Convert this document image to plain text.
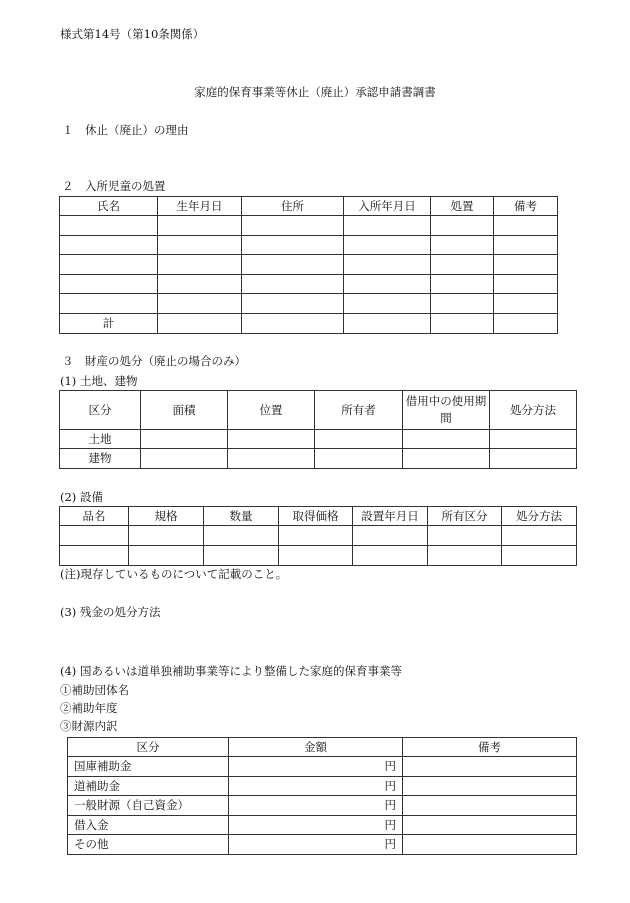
様式第14号（第10条関係）
家庭的保育事業等休止（廃止）承認申請書調書
１　休止（廃止）の理由
２　入所児童の処置
氏名	生年月日	住所	入所年月日	処置	備考

計					
３　財産の処分（廃止の場合のみ）
(1) 土地、建物
区分	面積	位置	所有者	借用中の使用期間	処分方法
土地					
建物					
(2) 設備
品名	規格	数量	取得価格	設置年月日	所有区分	処分方法

(注)現存しているものについて記載のこと。
(3) 残金の処分方法
(4) 国あるいは道単独補助事業等により整備した家庭的保育事業等
①補助団体名
②補助年度
③財源内訳
区分	金額	備考
国庫補助金	円	
道補助金	円	
一般財源（自己資金）	円	
借入金	円	
その他	円	
